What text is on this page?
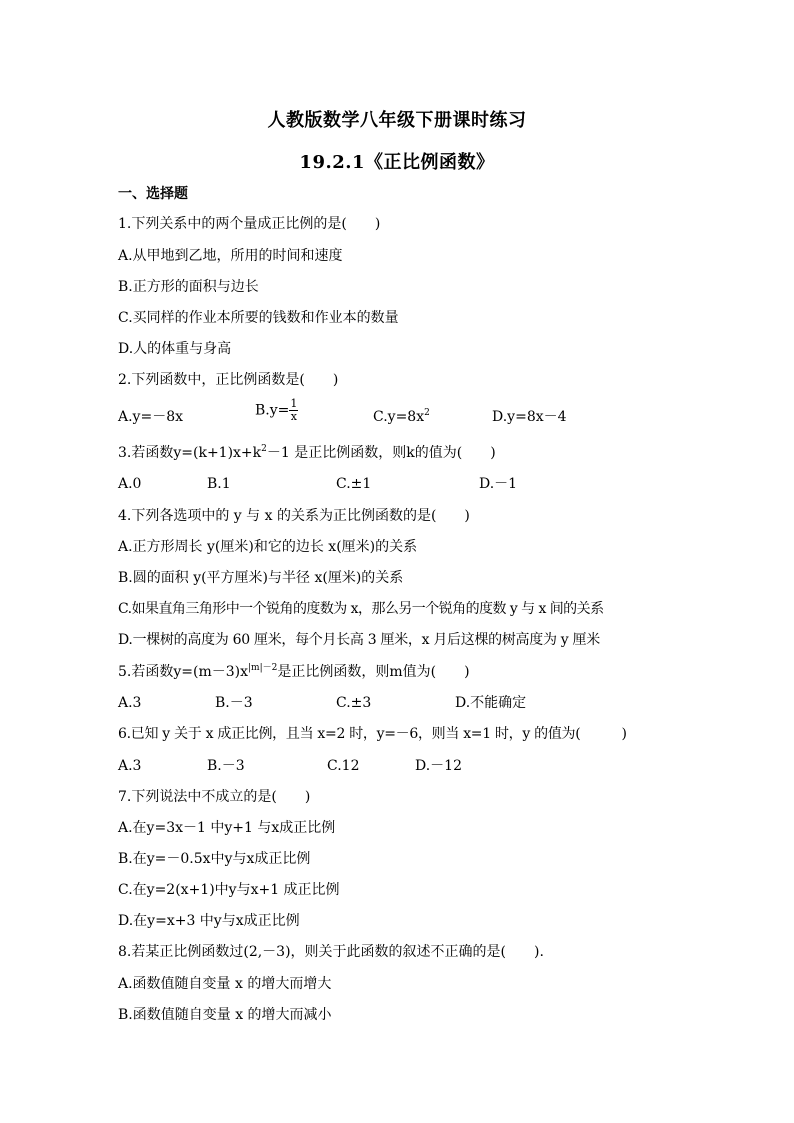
人教版数学八年级下册课时练习
19.2.1《正比例函数》
一、选择题
1.下列关系中的两个量成正比例的是(　　)
A.从甲地到乙地，所用的时间和速度
B.正方形的面积与边长
C.买同样的作业本所要的钱数和作业本的数量
D.人的体重与身高
2.下列函数中，正比例函数是(　　)
A.y=－8x	$B.y= \frac{1}{x}$	$C.y=8x^2$	D.y=8x－4
3.若函数$y=(k+1)x+k^2-1$ 是正比例函数，则k的值为(　　)
A.0	B.1	C.±1	D.－1
4.下列各选项中的 y 与 x 的关系为正比例函数的是(　　)
A.正方形周长 y(厘米)和它的边长 x(厘米)的关系
B.圆的面积 y(平方厘米)与半径 x(厘米)的关系
C.如果直角三角形中一个锐角的度数为 x，那么另一个锐角的度数 y 与 x 间的关系
D.一棵树的高度为 60 厘米，每个月长高 3 厘米，x 月后这棵的树高度为 y 厘米
5.若函数$y=(m-3)x^{|m|-2}$是正比例函数，则m值为(　　)
A.3	B.－3	C.±3	D.不能确定
6.已知 y 关于 x 成正比例，且当 x=2 时，y=－6，则当 x=1 时，y 的值为(　　　)
A.3	B.－3	C.12	D.－12
7.下列说法中不成立的是(　　)
A.在y=3x－1 中y+1 与x成正比例
B.在y=－0.5x中y与x成正比例
C.在y=2(x+1)中y与x+1 成正比例
D.在y=x+3 中y与x成正比例
8.若某正比例函数过(2,－3)，则关于此函数的叙述不正确的是(　　).
A.函数值随自变量 x 的增大而增大
B.函数值随自变量 x 的增大而减小
